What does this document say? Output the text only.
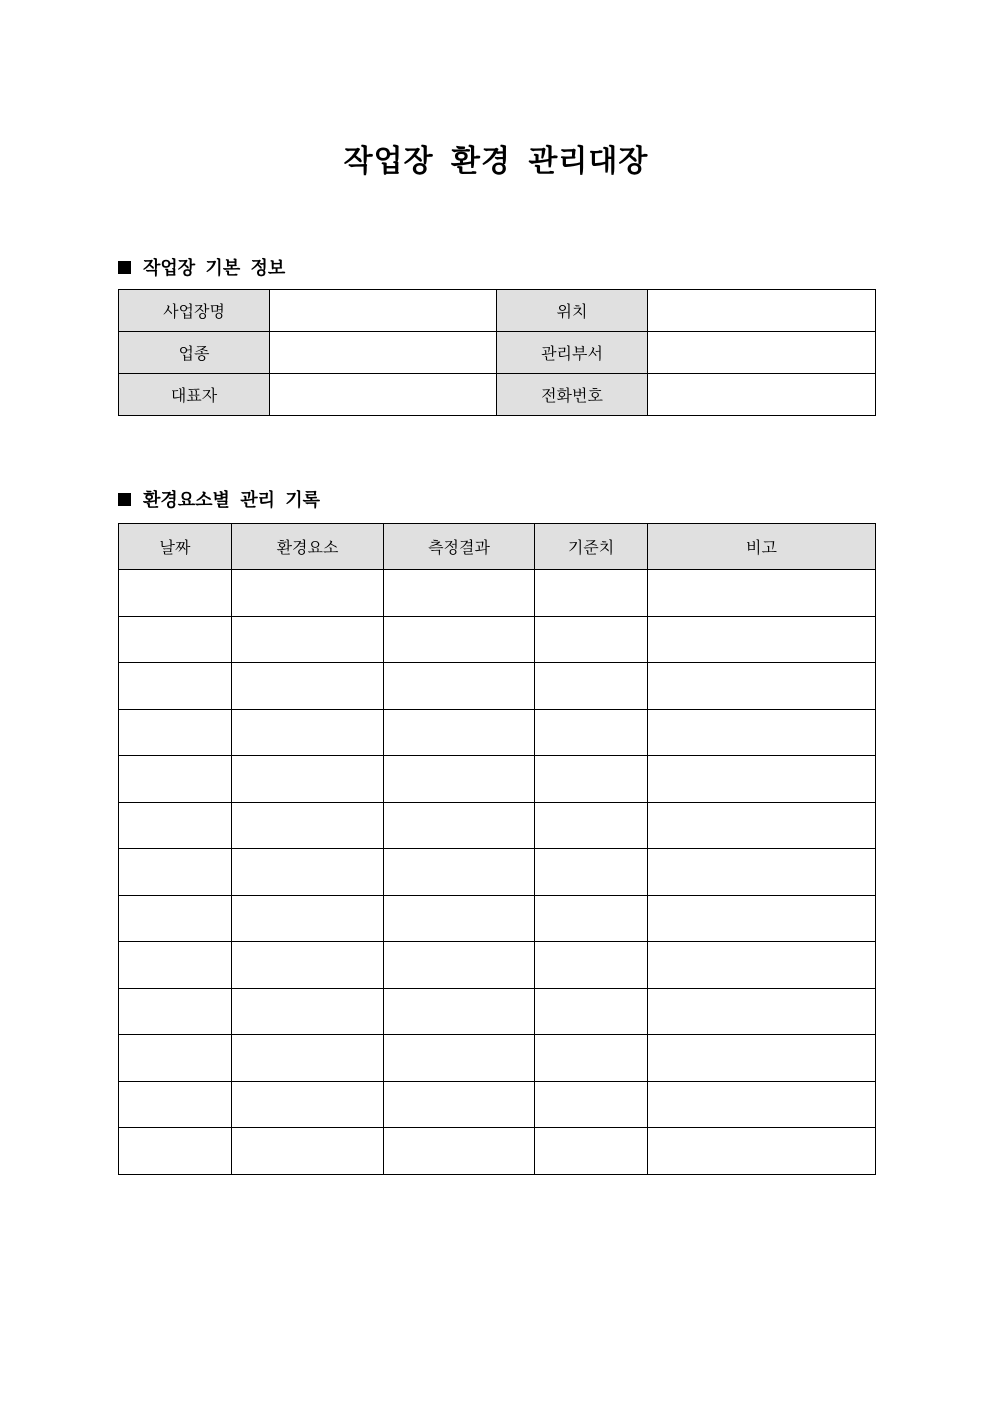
작업장 환경 관리대장
작업장 기본 정보
사업장명		위치	
업종		관리부서	
대표자		전화번호	
환경요소별 관리 기록
날짜	환경요소	측정결과	기준치	비고
